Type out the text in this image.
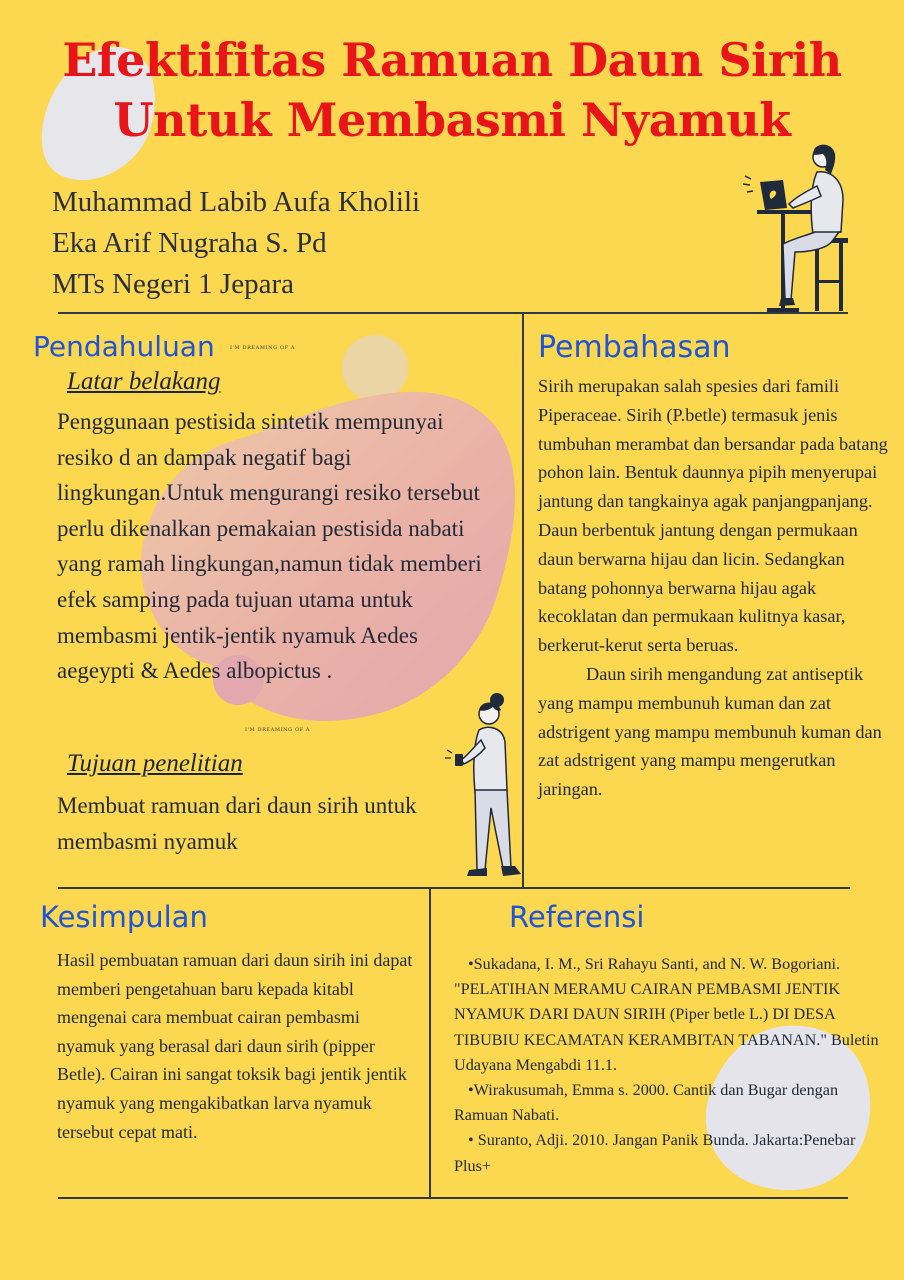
Efektifitas Ramuan Daun Sirih
Untuk Membasmi Nyamuk
Muhammad Labib Aufa Kholili
Eka Arif Nugraha S. Pd
MTs Negeri 1 Jepara
Pendahuluan	I'M DREAMING OF A
Latar belakang
Penggunaan pestisida sintetik mempunyai resiko d an dampak negatif bagi lingkungan.Untuk mengurangi resiko tersebut perlu dikenalkan pemakaian pestisida nabati yang ramah lingkungan,namun tidak memberi efek samping pada tujuan utama untuk membasmi jentik-jentik nyamuk Aedes aegeypti & Aedes albopictus .
I'M DREAMING OF A
Tujuan penelitian
Membuat ramuan dari daun sirih untuk membasmi nyamuk
Pembahasan
Sirih merupakan salah spesies dari famili Piperaceae. Sirih (P.betle) termasuk jenis tumbuhan merambat dan bersandar pada batang pohon lain. Bentuk daunnya pipih menyerupai jantung dan tangkainya agak panjangpanjang. Daun berbentuk jantung dengan permukaan daun berwarna hijau dan licin. Sedangkan batang pohonnya berwarna hijau agak kecoklatan dan permukaan kulitnya kasar, berkerut-kerut serta beruas.
Daun sirih mengandung zat antiseptik yang mampu membunuh kuman dan zat adstrigent yang mampu membunuh kuman dan zat adstrigent yang mampu mengerutkan jaringan.
Kesimpulan
Hasil pembuatan ramuan dari daun sirih ini dapat memberi pengetahuan baru kepada kitabl mengenai cara membuat cairan pembasmi nyamuk yang berasal dari daun sirih (pipper Betle). Cairan ini sangat toksik bagi jentik jentik nyamuk yang mengakibatkan larva nyamuk tersebut cepat mati.
Referensi
•Sukadana, I. M., Sri Rahayu Santi, and N. W. Bogoriani. "PELATIHAN MERAMU CAIRAN PEMBASMI JENTIK NYAMUK DARI DAUN SIRIH (Piper betle L.) DI DESA TIBUBIU KECAMATAN KERAMBITAN TABANAN." Buletin Udayana Mengabdi 11.1.
•Wirakusumah, Emma s. 2000. Cantik dan Bugar dengan Ramuan Nabati.
• Suranto, Adji. 2010. Jangan Panik Bunda. Jakarta:Penebar Plus+
